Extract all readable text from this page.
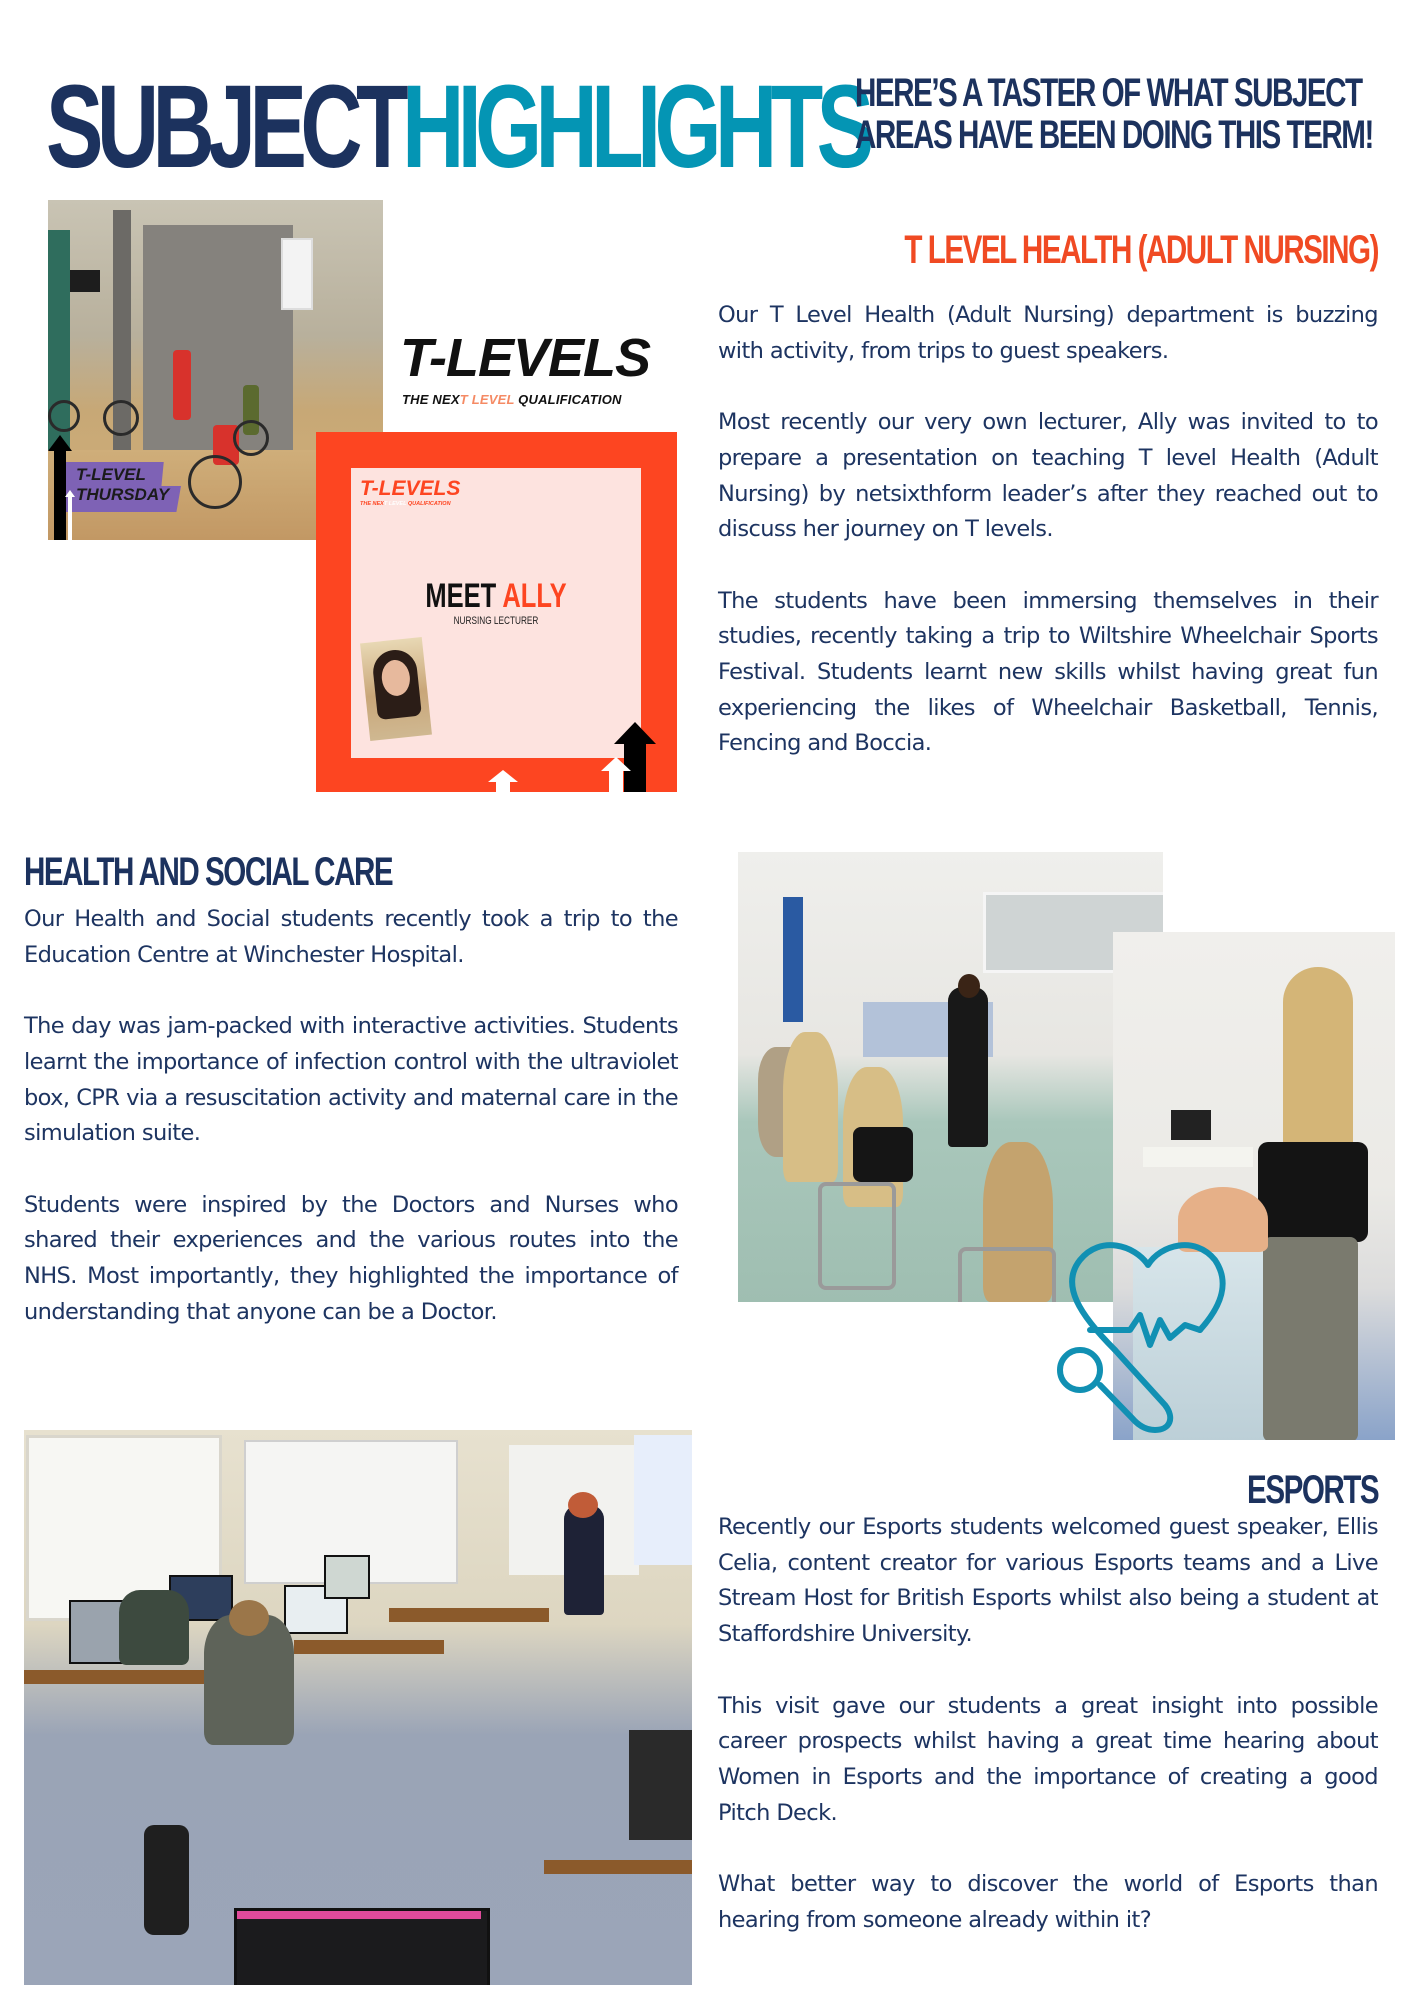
SUBJECTHIGHLIGHTS
HERE’S A TASTER OF WHAT SUBJECT
AREAS HAVE BEEN DOING THIS TERM!
T-LEVEL
THURSDAY
T-LEVELS
THE NEXT LEVEL QUALIFICATION
T-LEVELS
THE NEXT LEVEL QUALIFICATION
MEET ALLY
NURSING LECTURER
T LEVEL HEALTH (ADULT NURSING)

Our T Level Health (Adult Nursing) department is buzzing with activity, from trips to guest speakers.

Most recently our very own lecturer, Ally was invited to to prepare a presentation on teaching T level Health (Adult Nursing) by netsixthform leader’s after they reached out to discuss her journey on T levels.

The students have been immersing themselves in their studies, recently taking a trip to Wiltshire Wheelchair Sports Festival. Students learnt new skills whilst having great fun experiencing the likes of Wheelchair Basketball, Tennis, Fencing and Boccia.

HEALTH AND SOCIAL CARE

Our Health and Social students recently took a trip to the Education Centre at Winchester Hospital.

The day was jam-packed with interactive activities. Students learnt the importance of infection control with the ultraviolet box, CPR via a resuscitation activity and maternal care in the simulation suite.

Students were inspired by the Doctors and Nurses who shared their experiences and the various routes into the NHS. Most importantly, they highlighted the importance of understanding that anyone can be a Doctor.

ESPORTS

Recently our Esports students welcomed guest speaker, Ellis Celia, content creator for various Esports teams and a Live Stream Host for British Esports whilst also being a student at Staffordshire University.

This visit gave our students a great insight into possible career prospects whilst having a great time hearing about Women in Esports and the importance of creating a good Pitch Deck.

What better way to discover the world of Esports than hearing from someone already within it?
